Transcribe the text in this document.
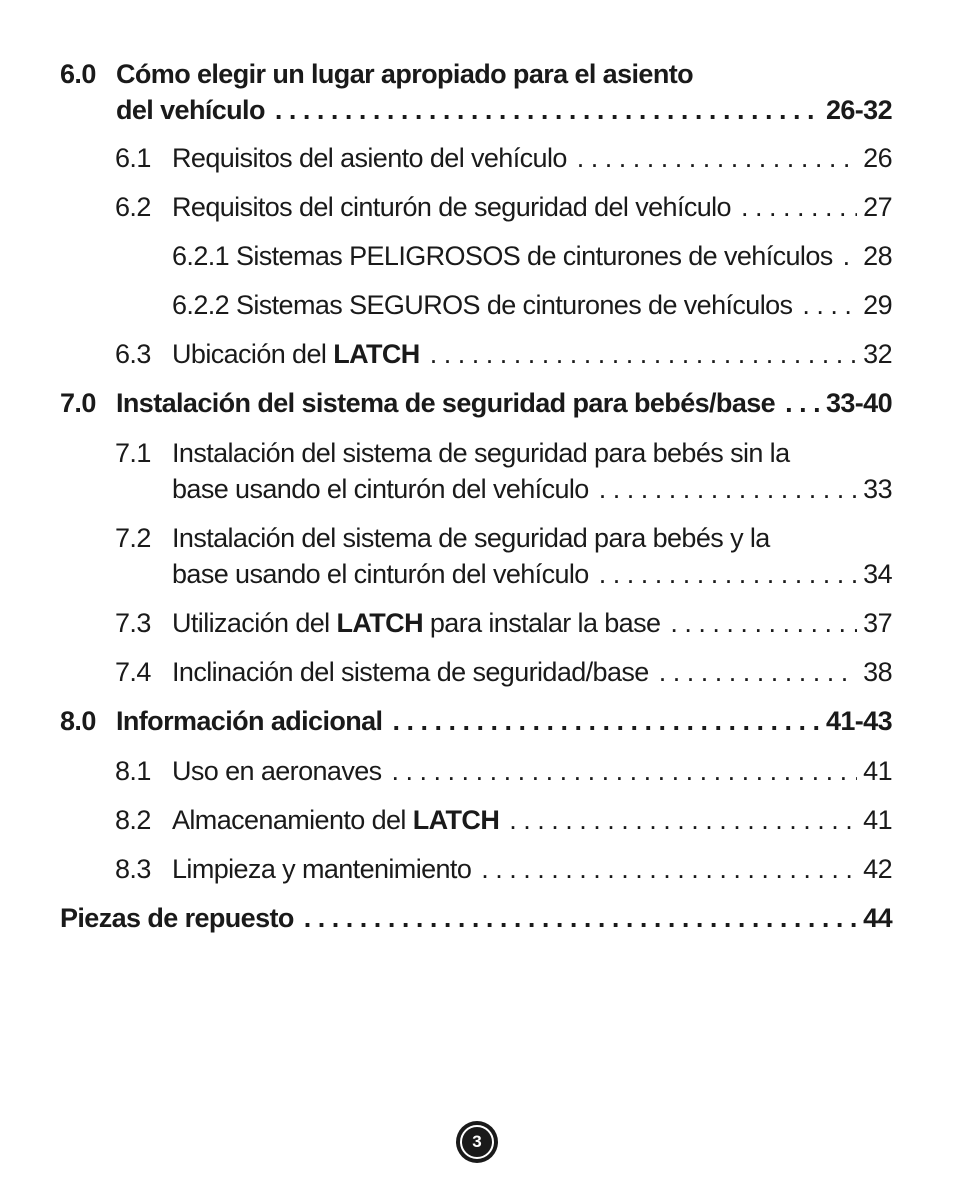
6.0 Cómo elegir un lugar apropiado para el asiento
del vehículo . . .	26-32
6.1 Requisitos del asiento del vehículo . . .	26
6.2 Requisitos del cinturón de seguridad del vehículo . . .	27
6.2.1 Sistemas PELIGROSOS de cinturones de vehículos . . . 28
6.2.2 Sistemas SEGUROS de cinturones de vehículos . . .	29
6.3 Ubicación del LATCH . . .	32
7.0 Instalación del sistema de seguridad para bebés/base . . . 33-40
7.1 Instalación del sistema de seguridad para bebés sin la
base usando el cinturón del vehículo . . .	33
7.2 Instalación del sistema de seguridad para bebés y la
base usando el cinturón del vehículo . . .	34
7.3 Utilización del LATCH para instalar la base . . .	37
7.4 Inclinación del sistema de seguridad/base . . .	38
8.0 Información adicional . . .	41-43
8.1 Uso en aeronaves . . .	41
8.2 Almacenamiento del LATCH . . .	41
8.3 Limpieza y mantenimiento . . .	42
Piezas de repuesto . . .	44
3
